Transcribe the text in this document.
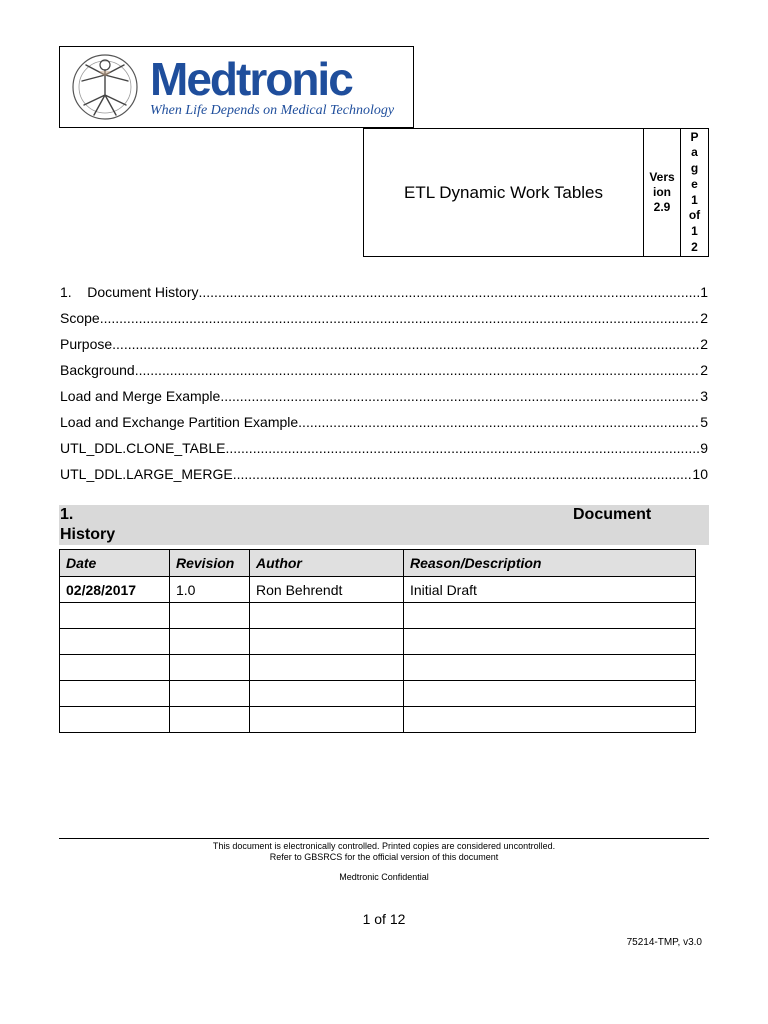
Medtronic
When Life Depends on Medical Technology
ETL Dynamic Work Tables
Version 2.9
Page1of12
1.    Document History .....	1
Scope .....	2
Purpose .....	2
Background .....	2
Load and Merge Example .....	3
Load and Exchange Partition Example .....	5
UTL_DDL.CLONE_TABLE .....	9
UTL_DDL.LARGE_MERGE .....	10
1.	Document
History
Date	Revision	Author	Reason/Description
02/28/2017	1.0	Ron Behrendt	Initial Draft

This document is electronically controlled. Printed copies are considered uncontrolled.
Refer to GBSRCS for the official version of this document
Medtronic Confidential
1 of 12
75214-TMP, v3.0
